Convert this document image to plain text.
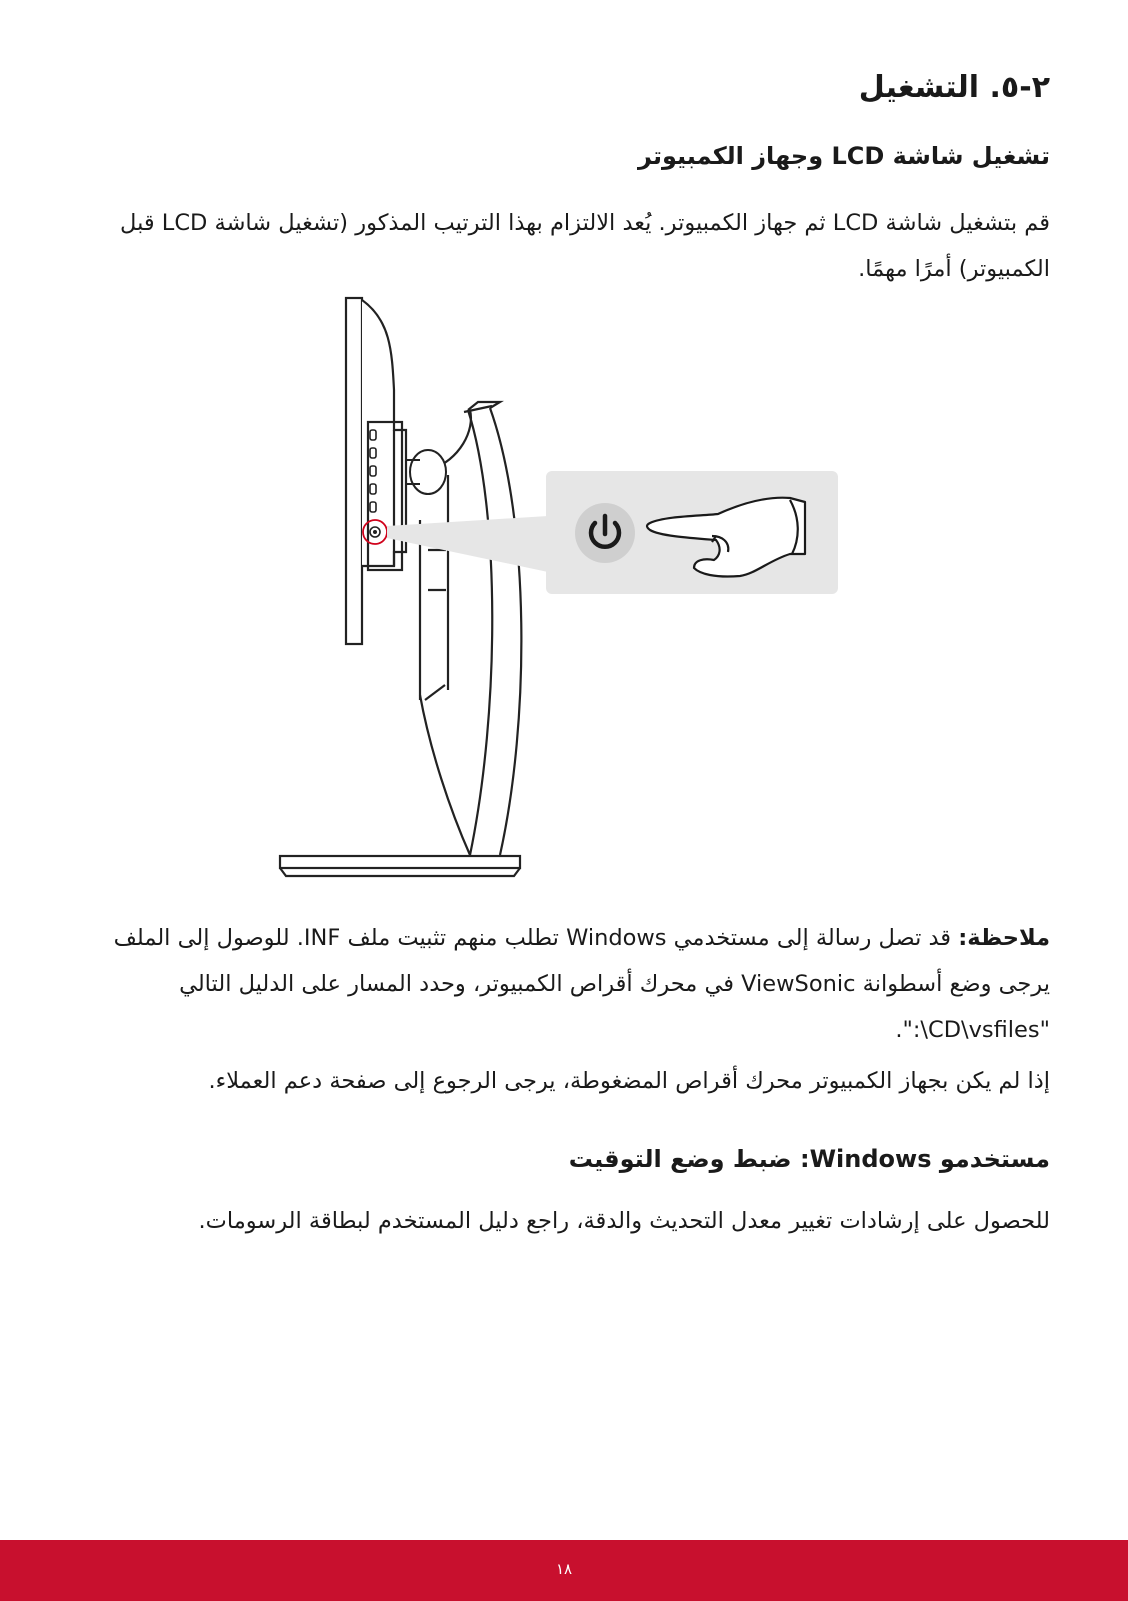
٢-٥. التشغيل
تشغيل شاشة LCD وجهاز الكمبيوتر

قم بتشغيل شاشة LCD ثم جهاز الكمبيوتر. يُعد الالتزام بهذا الترتيب المذكور (تشغيل شاشة LCD قبل الكمبيوتر) أمرًا مهمًا.

ملاحظة: قد تصل رسالة إلى مستخدمي Windows تطلب منهم تثبيت ملف INF. للوصول إلى الملف يرجى وضع أسطوانة ViewSonic في محرك أقراص الكمبيوتر، وحدد المسار على الدليل التالي "CD\vsfiles\:".

إذا لم يكن بجهاز الكمبيوتر محرك أقراص المضغوطة، يرجى الرجوع إلى صفحة دعم العملاء.

مستخدمو Windows: ضبط وضع التوقيت

للحصول على إرشادات تغيير معدل التحديث والدقة، راجع دليل المستخدم لبطاقة الرسومات.

١٨
